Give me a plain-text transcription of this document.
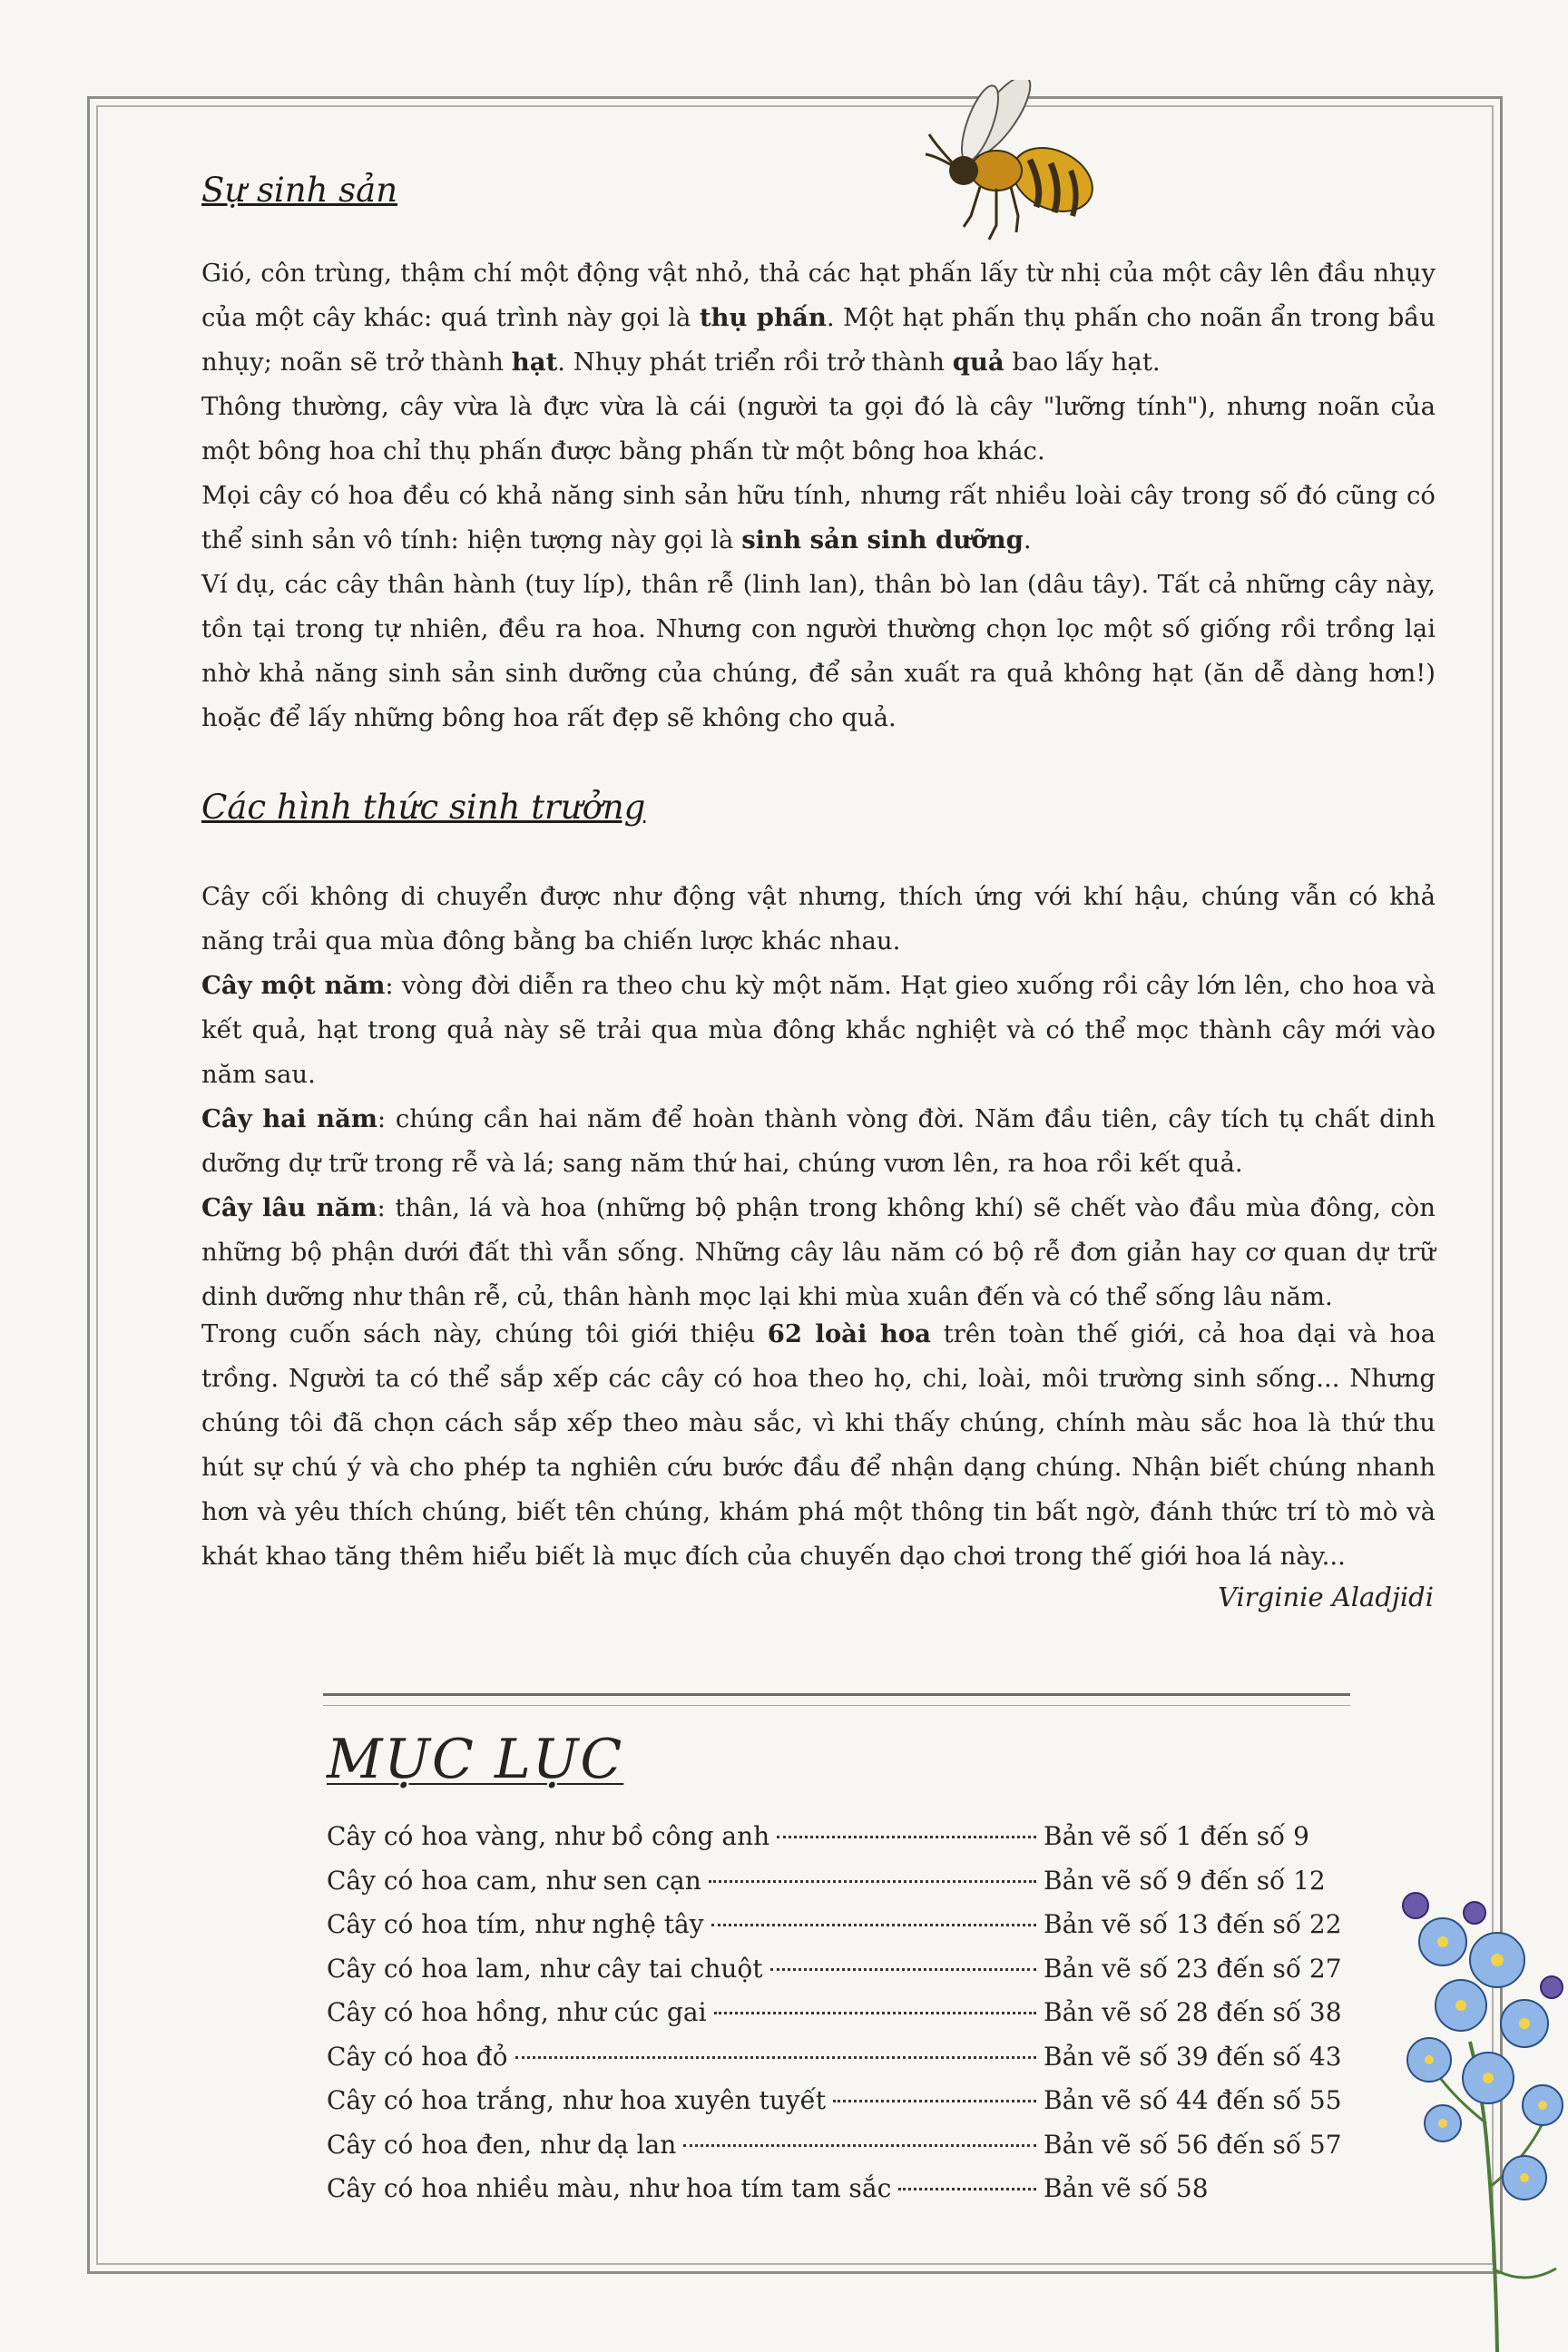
Sự sinh sản

Gió, côn trùng, thậm chí một động vật nhỏ, thả các hạt phấn lấy từ nhị của một cây lên đầu nhụy của một cây khác: quá trình này gọi là thụ phấn. Một hạt phấn thụ phấn cho noãn ẩn trong bầu nhụy; noãn sẽ trở thành hạt. Nhụy phát triển rồi trở thành quả bao lấy hạt.

Thông thường, cây vừa là đực vừa là cái (người ta gọi đó là cây "lưỡng tính"), nhưng noãn của một bông hoa chỉ thụ phấn được bằng phấn từ một bông hoa khác.

Mọi cây có hoa đều có khả năng sinh sản hữu tính, nhưng rất nhiều loài cây trong số đó cũng có thể sinh sản vô tính: hiện tượng này gọi là sinh sản sinh dưỡng.

Ví dụ, các cây thân hành (tuy líp), thân rễ (linh lan), thân bò lan (dâu tây). Tất cả những cây này, tồn tại trong tự nhiên, đều ra hoa. Nhưng con người thường chọn lọc một số giống rồi trồng lại nhờ khả năng sinh sản sinh dưỡng của chúng, để sản xuất ra quả không hạt (ăn dễ dàng hơn!) hoặc để lấy những bông hoa rất đẹp sẽ không cho quả.

Các hình thức sinh trưởng

Cây cối không di chuyển được như động vật nhưng, thích ứng với khí hậu, chúng vẫn có khả năng trải qua mùa đông bằng ba chiến lược khác nhau.

Cây một năm: vòng đời diễn ra theo chu kỳ một năm. Hạt gieo xuống rồi cây lớn lên, cho hoa và kết quả, hạt trong quả này sẽ trải qua mùa đông khắc nghiệt và có thể mọc thành cây mới vào năm sau.

Cây hai năm: chúng cần hai năm để hoàn thành vòng đời. Năm đầu tiên, cây tích tụ chất dinh dưỡng dự trữ trong rễ và lá; sang năm thứ hai, chúng vươn lên, ra hoa rồi kết quả.

Cây lâu năm: thân, lá và hoa (những bộ phận trong không khí) sẽ chết vào đầu mùa đông, còn những bộ phận dưới đất thì vẫn sống. Những cây lâu năm có bộ rễ đơn giản hay cơ quan dự trữ dinh dưỡng như thân rễ, củ, thân hành mọc lại khi mùa xuân đến và có thể sống lâu năm.

Trong cuốn sách này, chúng tôi giới thiệu 62 loài hoa trên toàn thế giới, cả hoa dại và hoa trồng. Người ta có thể sắp xếp các cây có hoa theo họ, chi, loài, môi trường sinh sống... Nhưng chúng tôi đã chọn cách sắp xếp theo màu sắc, vì khi thấy chúng, chính màu sắc hoa là thứ thu hút sự chú ý và cho phép ta nghiên cứu bước đầu để nhận dạng chúng. Nhận biết chúng nhanh hơn và yêu thích chúng, biết tên chúng, khám phá một thông tin bất ngờ, đánh thức trí tò mò và khát khao tăng thêm hiểu biết là mục đích của chuyến dạo chơi trong thế giới hoa lá này...

Virginie Aladjidi
MỤC LỤC
Cây có hoa vàng, như bồ công anh	Bản vẽ số 1 đến số 9
Cây có hoa cam, như sen cạn	Bản vẽ số 9 đến số 12
Cây có hoa tím, như nghệ tây	Bản vẽ số 13 đến số 22
Cây có hoa lam, như cây tai chuột	Bản vẽ số 23 đến số 27
Cây có hoa hồng, như cúc gai	Bản vẽ số 28 đến số 38
Cây có hoa đỏ	Bản vẽ số 39 đến số 43
Cây có hoa trắng, như hoa xuyên tuyết	Bản vẽ số 44 đến số 55
Cây có hoa đen, như dạ lan	Bản vẽ số 56 đến số 57
Cây có hoa nhiều màu, như hoa tím tam sắc	Bản vẽ số 58
